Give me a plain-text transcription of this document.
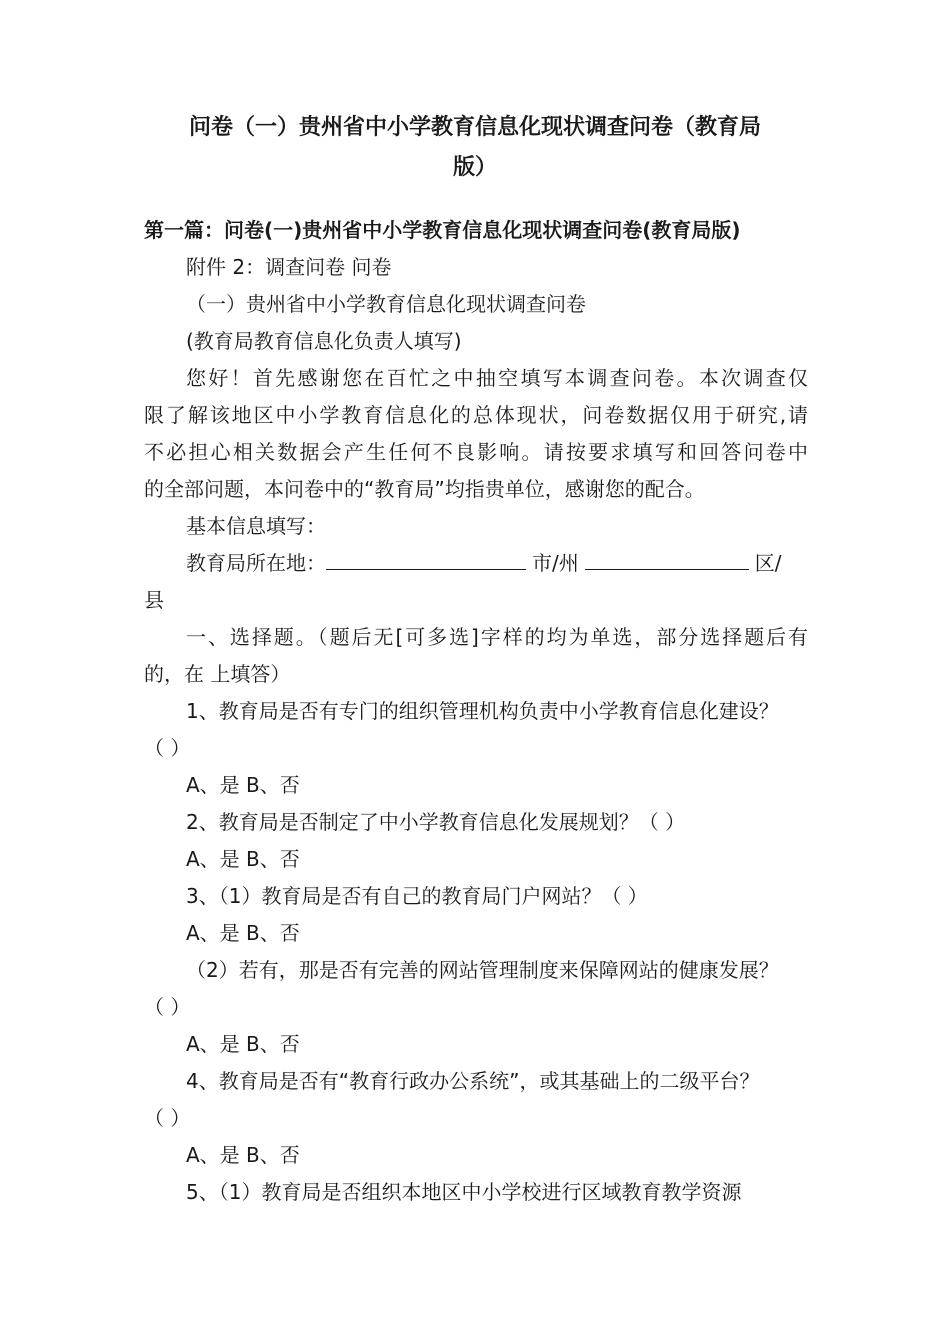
问卷（一）贵州省中小学教育信息化现状调查问卷（教育局
版）
第一篇：问卷(一)贵州省中小学教育信息化现状调查问卷(教育局版)
附件 2：调查问卷 问卷
（一）贵州省中小学教育信息化现状调查问卷
(教育局教育信息化负责人填写)
您好！首先感谢您在百忙之中抽空填写本调查问卷。本次调查仅
限了解该地区中小学教育信息化的总体现状，问卷数据仅用于研究,请
不必担心相关数据会产生任何不良影响。请按要求填写和回答问卷中
的全部问题，本问卷中的“教育局”均指贵单位，感谢您的配合。
基本信息填写：
教育局所在地：	市/州	区/
县
一、选择题。（题后无[可多选]字样的均为单选，部分选择题后有
的，在 上填答）
1、教育局是否有专门的组织管理机构负责中小学教育信息化建设？
（ ）
A、是 B、否
2、教育局是否制定了中小学教育信息化发展规划？（ ）
A、是 B、否
3、（1）教育局是否有自己的教育局门户网站？（ ）
A、是 B、否
（2）若有，那是否有完善的网站管理制度来保障网站的健康发展？
（ ）
A、是 B、否
4、教育局是否有“教育行政办公系统”，或其基础上的二级平台？
（ ）
A、是 B、否
5、（1）教育局是否组织本地区中小学校进行区域教育教学资源
